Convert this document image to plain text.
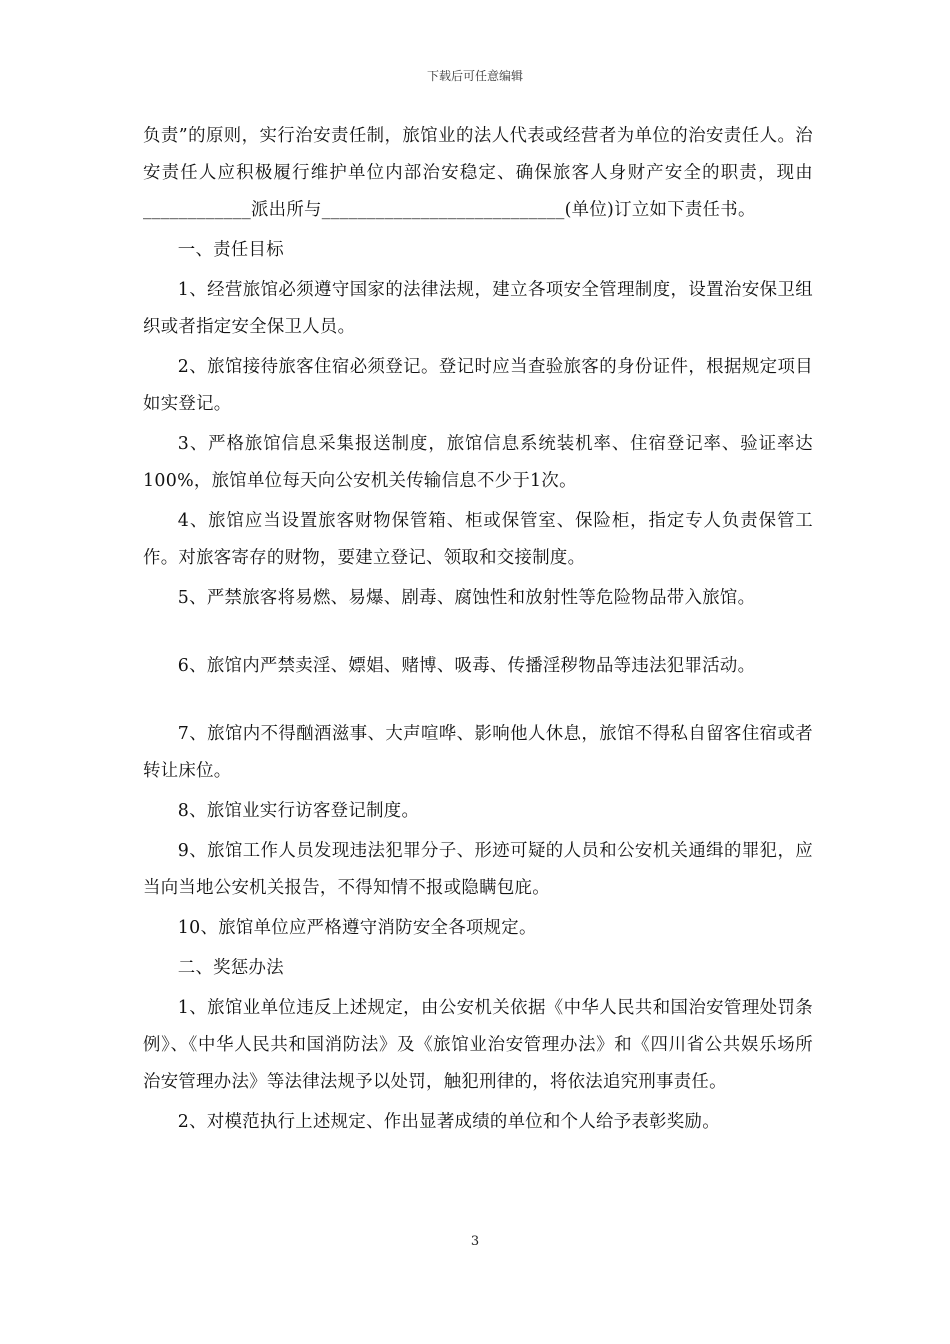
下载后可任意编辑

负责”的原则，实行治安责任制，旅馆业的法人代表或经营者为单位的治安责任人。治安责任人应积极履行维护单位内部治安稳定、确保旅客人身财产安全的职责，现由____________派出所与___________________________(单位)订立如下责任书。

一、责任目标

1、经营旅馆必须遵守国家的法律法规，建立各项安全管理制度，设置治安保卫组织或者指定安全保卫人员。

2、旅馆接待旅客住宿必须登记。登记时应当查验旅客的身份证件，根据规定项目如实登记。

3、严格旅馆信息采集报送制度，旅馆信息系统装机率、住宿登记率、验证率达100%，旅馆单位每天向公安机关传输信息不少于1次。

4、旅馆应当设置旅客财物保管箱、柜或保管室、保险柜，指定专人负责保管工作。对旅客寄存的财物，要建立登记、领取和交接制度。

5、严禁旅客将易燃、易爆、剧毒、腐蚀性和放射性等危险物品带入旅馆。

6、旅馆内严禁卖淫、嫖娼、赌博、吸毒、传播淫秽物品等违法犯罪活动。

7、旅馆内不得酗酒滋事、大声喧哗、影响他人休息，旅馆不得私自留客住宿或者转让床位。

8、旅馆业实行访客登记制度。

9、旅馆工作人员发现违法犯罪分子、形迹可疑的人员和公安机关通缉的罪犯，应当向当地公安机关报告，不得知情不报或隐瞒包庇。

10、旅馆单位应严格遵守消防安全各项规定。

二、奖惩办法

1、旅馆业单位违反上述规定，由公安机关依据《中华人民共和国治安管理处罚条例》、《中华人民共和国消防法》及《旅馆业治安管理办法》和《四川省公共娱乐场所治安管理办法》等法律法规予以处罚，触犯刑律的，将依法追究刑事责任。

2、对模范执行上述规定、作出显著成绩的单位和个人给予表彰奖励。

3
